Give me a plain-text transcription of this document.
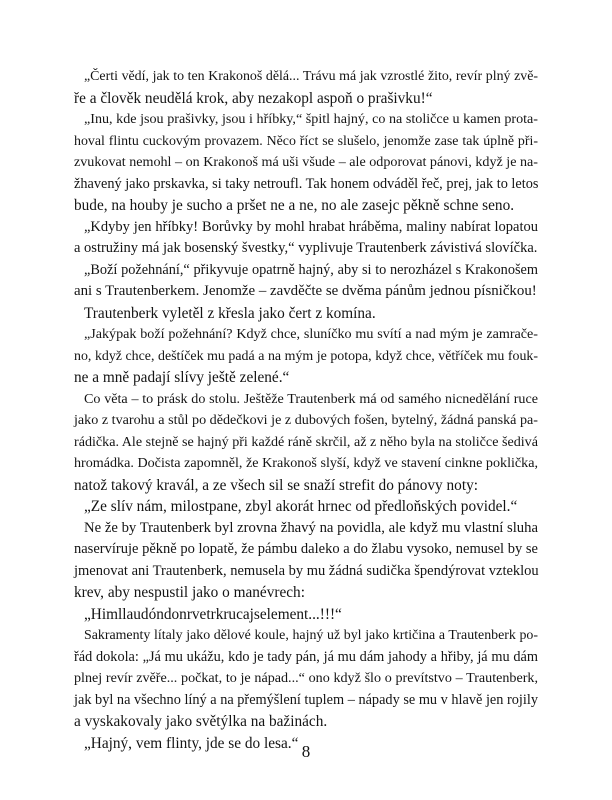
„Čerti vědí, jak to ten Krakonoš dělá... Trávu má jak vzrostlé žito, revír plný zvě-
ře a člověk neudělá krok, aby nezakopl aspoň o prašivku!“

„Inu, kde jsou prašivky, jsou i hříbky,“ špitl hajný, co na stoličce u kamen prota-
hoval flintu cuckovým provazem. Něco říct se slušelo, jenomže zase tak úplně při-
zvukovat nemohl – on Krakonoš má uši všude – ale odporovat pánovi, když je na-
žhavený jako prskavka, si taky netroufl. Tak honem odváděl řeč, prej, jak to letos
bude, na houby je sucho a pršet ne a ne, no ale zasejc pěkně schne seno.

„Kdyby jen hříbky! Borůvky by mohl hrabat hráběma, maliny nabírat lopatou
a ostružiny má jak bosenský švestky,“ vyplivuje Trautenberk závistivá slovíčka.

„Boží požehnání,“ přikyvuje opatrně hajný, aby si to nerozházel s Krakonošem
ani s Trautenberkem. Jenomže – zavděčte se dvěma pánům jednou písničkou!

Trautenberk vyletěl z křesla jako čert z komína.

„Jakýpak boží požehnání? Když chce, sluníčko mu svítí a nad mým je zamrače-
no, když chce, deštíček mu padá a na mým je potopa, když chce, větříček mu fouk-
ne a mně padají slívy ještě zelené.“

Co věta – to prásk do stolu. Ještěže Trautenberk má od samého nicnedělání ruce
jako z tvarohu a stůl po dědečkovi je z dubových fošen, bytelný, žádná panská pa-
rádička. Ale stejně se hajný při každé ráně skrčil, až z něho byla na stoličce šedivá
hromádka. Dočista zapomněl, že Krakonoš slyší, když ve stavení cinkne poklička,
natož takový kravál, a ze všech sil se snaží strefit do pánovy noty:

„Ze slív nám, milostpane, zbyl akorát hrnec od předloňských povidel.“

Ne že by Trautenberk byl zrovna žhavý na povidla, ale když mu vlastní sluha
naservíruje pěkně po lopatě, že pámbu daleko a do žlabu vysoko, nemusel by se
jmenovat ani Trautenberk, nemusela by mu žádná sudička špendýrovat vzteklou
krev, aby nespustil jako o manévrech:

„Himllaudóndonrvetrkrucajselement...!!!“

Sakramenty lítaly jako dělové koule, hajný už byl jako krtičina a Trautenberk po-
řád dokola: „Já mu ukážu, kdo je tady pán, já mu dám jahody a hřiby, já mu dám
plnej revír zvěře... počkat, to je nápad...“ ono když šlo o prevítstvo – Trautenberk,
jak byl na všechno líný a na přemýšlení tuplem – nápady se mu v hlavě jen rojily
a vyskakovaly jako světýlka na bažinách.

„Hajný, vem flinty, jde se do lesa.“ 8
